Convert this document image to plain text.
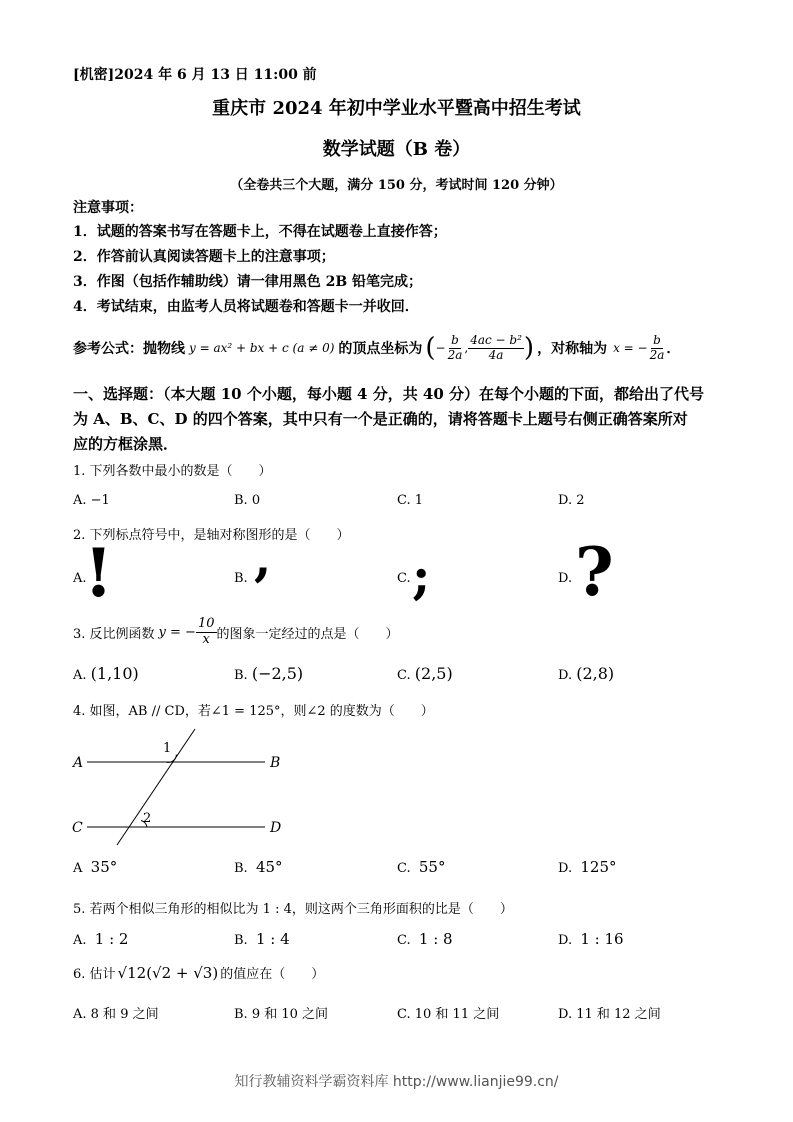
[机密]2024 年 6 月 13 日 11:00 前
重庆市 2024 年初中学业水平暨高中招生考试
数学试题（B 卷）
（全卷共三个大题，满分 150 分，考试时间 120 分钟）
注意事项：
1．试题的答案书写在答题卡上，不得在试题卷上直接作答；
2．作答前认真阅读答题卡上的注意事项；
3．作图（包括作辅助线）请一律用黑色 2B 铅笔完成；
4．考试结束，由监考人员将试题卷和答题卡一并收回．
参考公式：抛物线 y = ax² + bx + c (a ≠ 0) 的顶点坐标为 ( − $\frac{b}{2a}$ , $\frac{\text{4ac − b²}}{4a}$ ) ，对称轴为 x = − $\frac{b}{2a}$ ．
一、选择题：（本大题 10 个小题，每小题 4 分，共 40 分）在每个小题的下面，都给出了代号
为 A、B、C、D 的四个答案，其中只有一个是正确的，请将答题卡上题号右侧正确答案所对
应的方框涂黑．
1. 下列各数中最小的数是（　　）
A. −1	B. 0	C. 1	D. 2
2. 下列标点符号中，是轴对称图形的是（　　）
A.
!	B. ,	C. ;	D. ?
3. 反比例函数 y = − $\frac{10}{x}$ 的图象一定经过的点是（　　）
A. (1,10)	B. (−2,5)	C. (2,5)	D. (2,8)
4. 如图，AB // CD，若∠1 = 125°，则∠2 的度数为（　　）
A	B
C	D
1
2
A 35°	B. 45°	C. 55°	D. 125°
5. 若两个相似三角形的相似比为 1 : 4，则这两个三角形面积的比是（　　）
A. 1 : 2	B. 1 : 4	C. 1 : 8	D. 1 : 16
6. 估计 √12(√2 + √3) 的值应在（　　）
A. 8 和 9 之间	B. 9 和 10 之间	C. 10 和 11 之间	D. 11 和 12 之间
知行教辅资料学霸资料库 http://www.lianjie99.cn/
